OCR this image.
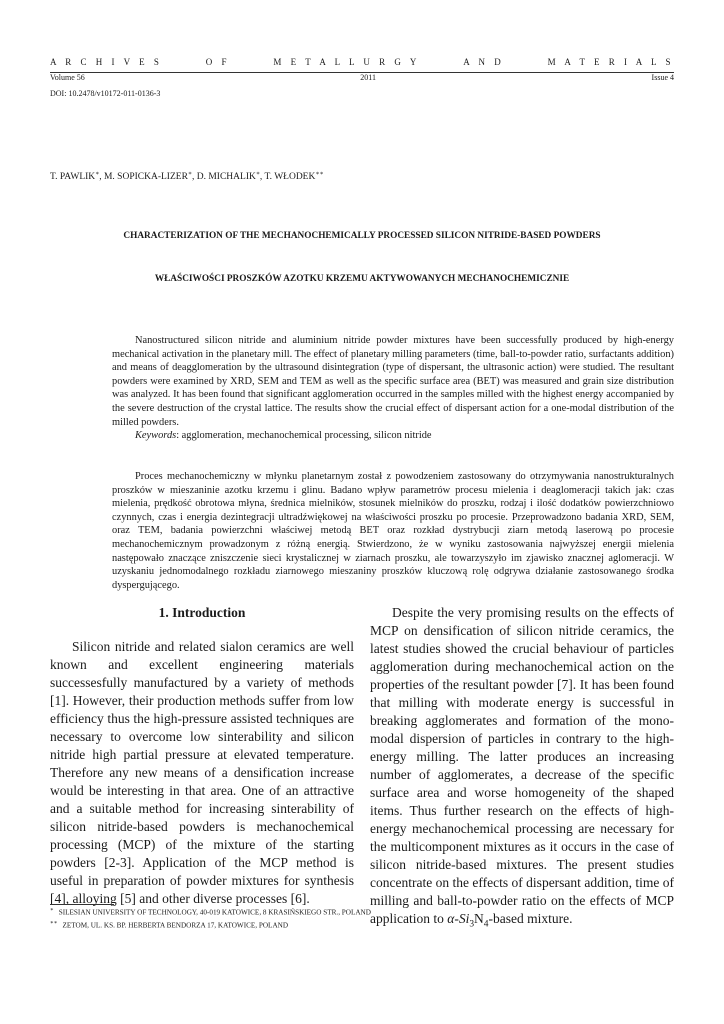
A R C H I V E S	O F	M E T A L L U R G Y	A N D	M A T E R I A L S
Volume 56	2011	Issue 4
DOI: 10.2478/v10172-011-0136-3
T. PAWLIK∗, M. SOPICKA-LIZER∗, D. MICHALIK∗, T. WŁODEK∗∗
CHARACTERIZATION OF THE MECHANOCHEMICALLY PROCESSED SILICON NITRIDE-BASED POWDERS
WŁAŚCIWOŚCI PROSZKÓW AZOTKU KRZEMU AKTYWOWANYCH MECHANOCHEMICZNIE

Nanostructured silicon nitride and aluminium nitride powder mixtures have been successfully produced by high-energy mechanical activation in the planetary mill. The effect of planetary milling parameters (time, ball-to-powder ratio, surfactants addition) and means of deagglomeration by the ultrasound disintegration (type of dispersant, the ultrasonic action) were studied. The resultant powders were examined by XRD, SEM and TEM as well as the specific surface area (BET) was measured and grain size distribution was analyzed. It has been found that significant agglomeration occurred in the samples milled with the highest energy accompanied by the severe destruction of the crystal lattice. The results show the crucial effect of dispersant action for a one-modal distribution of the milled powders.

Keywords: agglomeration, mechanochemical processing, silicon nitride

Proces mechanochemiczny w młynku planetarnym został z powodzeniem zastosowany do otrzymywania nanostrukturalnych proszków w mieszaninie azotku krzemu i glinu. Badano wpływ parametrów procesu mielenia i deaglomeracji takich jak: czas mielenia, prędkość obrotowa młyna, średnica mielników, stosunek mielników do proszku, rodzaj i ilość dodatków powierzchniowo czynnych, czas i energia dezintegracji ultradźwiękowej na właściwości proszku po procesie. Przeprowadzono badania XRD, SEM, oraz TEM, badania powierzchni właściwej metodą BET oraz rozkład dystrybucji ziarn metodą laserową po procesie mechanochemicznym prowadzonym z różną energią. Stwierdzono, że w wyniku zastosowania najwyższej energii mielenia następowało znaczące zniszczenie sieci krystalicznej w ziarnach proszku, ale towarzyszyło im zjawisko znacznej aglomeracji. W uzyskaniu jednomodalnego rozkładu ziarnowego mieszaniny proszków kluczową rolę odgrywa działanie zastosowanego środka dyspergującego.

1. Introduction

Silicon nitride and related sialon ceramics are well known and excellent engineering materials successesfully manufactured by a variety of methods [1]. However, their production methods suffer from low efficiency thus the high-pressure assisted techniques are necessary to overcome low sinterability and silicon nitride high partial pressure at elevated temperature. Therefore any new means of a densification increase would be interesting in that area. One of an attractive and a suitable method for increasing sinterability of silicon nitride-based powders is mechanochemical processing (MCP) of the mixture of the starting powders [2-3]. Application of the MCP method is useful in preparation of powder mixtures for synthesis [4], alloying [5] and other diverse processes [6].

Despite the very promising results on the effects of MCP on densification of silicon nitride ceramics, the latest studies showed the crucial behaviour of particles agglomeration during mechanochemical action on the properties of the resultant powder [7]. It has been found that milling with moderate energy is successful in breaking agglomerates and formation of the mono-modal dispersion of particles in contrary to the high-energy milling. The latter produces an increasing number of agglomerates, a decrease of the specific surface area and worse homogeneity of the shaped items. Thus further research on the effects of high-energy mechanochemical processing are necessary for the multicomponent mixtures as it occurs in the case of silicon nitride-based mixtures. The present studies concentrate on the effects of dispersant addition, time of milling and ball-to-powder ratio on the effects of MCP application to $\alpha-Si_3N_4$-based mixture.

∗ SILESIAN UNIVERSITY OF TECHNOLOGY, 40-019 KATOWICE, 8 KRASIŃSKIEGO STR., POLAND
∗∗ ZETOM, UL. KS. BP. HERBERTA BENDORZA 17, KATOWICE, POLAND
